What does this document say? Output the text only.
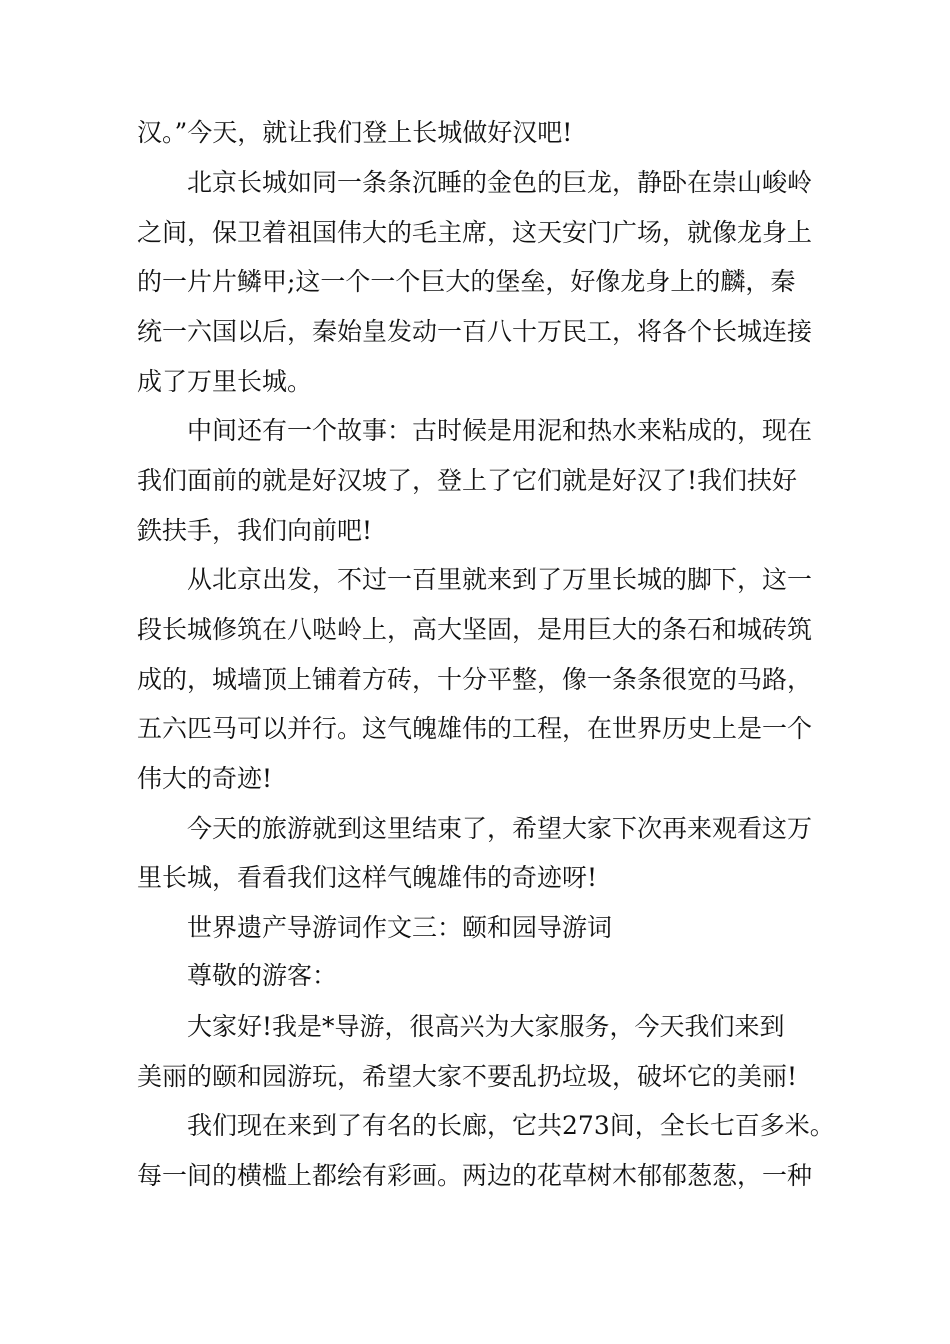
汉。”今天，就让我们登上长城做好汉吧!
北京长城如同一条条沉睡的金色的巨龙，静卧在崇山峻岭
之间，保卫着祖国伟大的毛主席，这天安门广场，就像龙身上
的一片片鳞甲;这一个一个巨大的堡垒，好像龙身上的麟，秦
统一六国以后，秦始皇发动一百八十万民工，将各个长城连接
成了万里长城。
中间还有一个故事：古时候是用泥和热水来粘成的，现在
我们面前的就是好汉坡了，登上了它们就是好汉了!我们扶好
鉄扶手，我们向前吧!
从北京出发，不过一百里就来到了万里长城的脚下，这一
段长城修筑在八哒岭上，高大坚固，是用巨大的条石和城砖筑
成的，城墙顶上铺着方砖，十分平整，像一条条很宽的马路，
五六匹马可以并行。这气魄雄伟的工程，在世界历史上是一个
伟大的奇迹!
今天的旅游就到这里结束了，希望大家下次再来观看这万
里长城，看看我们这样气魄雄伟的奇迹呀!
世界遗产导游词作文三：颐和园导游词
尊敬的游客：
大家好!我是*导游，很高兴为大家服务，今天我们来到
美丽的颐和园游玩，希望大家不要乱扔垃圾，破坏它的美丽!
我们现在来到了有名的长廊，它共273间，全长七百多米。
每一间的横槛上都绘有彩画。两边的花草树木郁郁葱葱，一种
